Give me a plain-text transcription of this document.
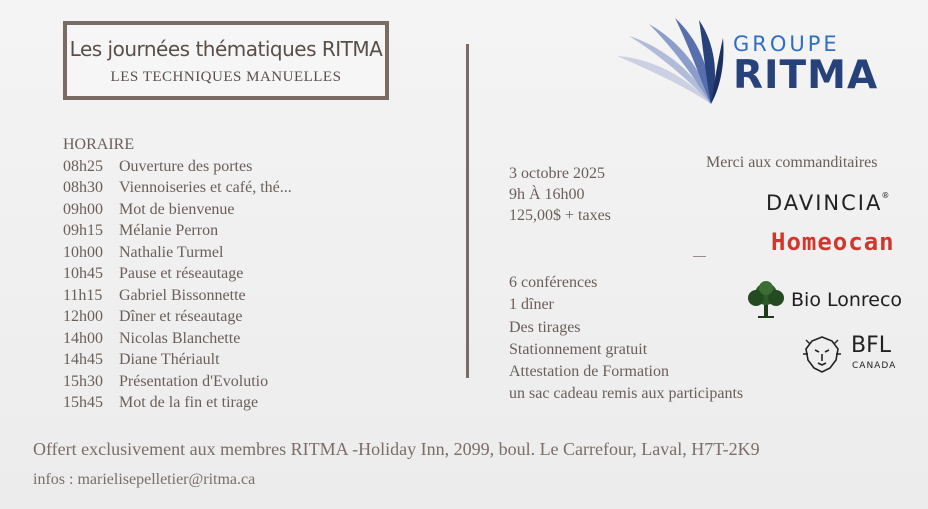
Les journées thématiques RITMA
LES TECHNIQUES MANUELLES
HORAIRE
08h25 Ouverture des portes
08h30 Viennoiseries et café, thé...
09h00 Mot de bienvenue
09h15 Mélanie Perron
10h00 Nathalie Turmel
10h45 Pause et réseautage
11h15 Gabriel Bissonnette
12h00 Dîner et réseautage
14h00 Nicolas Blanchette
14h45 Diane Thériault
15h30 Présentation d'Evolutio
15h45 Mot de la fin et tirage
3 octobre 2025
9h À 16h00
125,00$ + taxes
6 conférences
1 dîner
Des tirages
Stationnement gratuit
Attestation de Formation
un sac cadeau remis aux participants
GROUPE
RITMA
Merci aux commanditaires
DAVINCIA®
Homeocan
Bio Lonreco
BFL
CANADA
Offert exclusivement aux membres RITMA -Holiday Inn, 2099, boul. Le Carrefour, Laval, H7T-2K9
infos : marielisepelletier@ritma.ca
